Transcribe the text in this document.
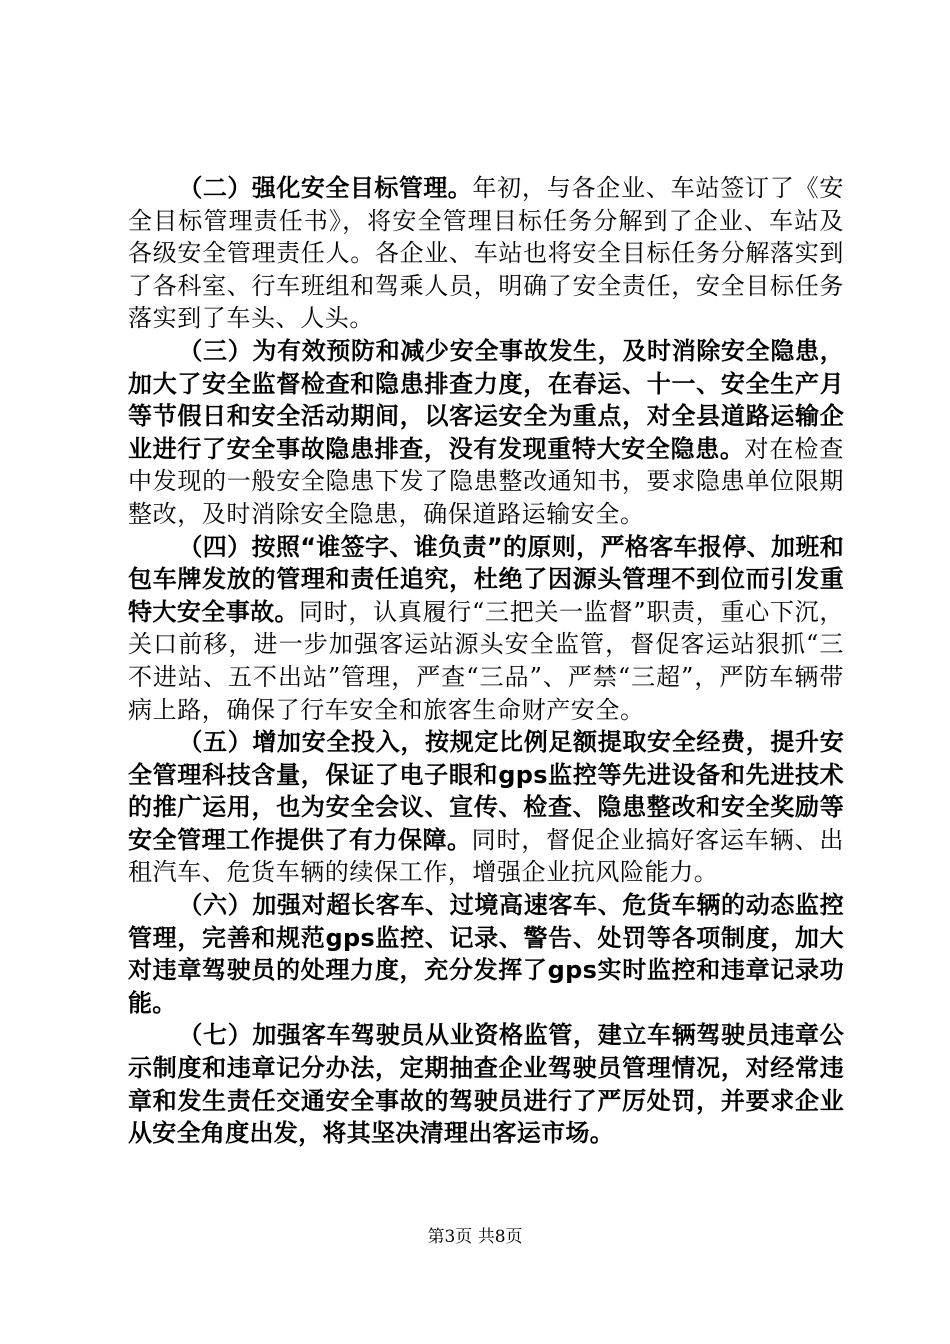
（二）强化安全目标管理。年初，与各企业、车站签订了《安全目标管理责任书》，将安全管理目标任务分解到了企业、车站及各级安全管理责任人。各企业、车站也将安全目标任务分解落实到了各科室、行车班组和驾乘人员，明确了安全责任，安全目标任务落实到了车头、人头。

（三）为有效预防和减少安全事故发生，及时消除安全隐患，加大了安全监督检查和隐患排查力度，在春运、十一、安全生产月等节假日和安全活动期间，以客运安全为重点，对全县道路运输企业进行了安全事故隐患排查，没有发现重特大安全隐患。对在检查中发现的一般安全隐患下发了隐患整改通知书，要求隐患单位限期整改，及时消除安全隐患，确保道路运输安全。

（四）按照“谁签字、谁负责”的原则，严格客车报停、加班和包车牌发放的管理和责任追究，杜绝了因源头管理不到位而引发重特大安全事故。同时，认真履行“三把关一监督”职责，重心下沉，关口前移，进一步加强客运站源头安全监管，督促客运站狠抓“三不进站、五不出站”管理，严查“三品”、严禁“三超”，严防车辆带病上路，确保了行车安全和旅客生命财产安全。

（五）增加安全投入，按规定比例足额提取安全经费，提升安全管理科技含量，保证了电子眼和gps监控等先进设备和先进技术的推广运用，也为安全会议、宣传、检查、隐患整改和安全奖励等安全管理工作提供了有力保障。同时，督促企业搞好客运车辆、出租汽车、危货车辆的续保工作，增强企业抗风险能力。

（六）加强对超长客车、过境高速客车、危货车辆的动态监控管理，完善和规范gps监控、记录、警告、处罚等各项制度，加大对违章驾驶员的处理力度，充分发挥了gps实时监控和违章记录功能。

（七）加强客车驾驶员从业资格监管，建立车辆驾驶员违章公示制度和违章记分办法，定期抽查企业驾驶员管理情况，对经常违章和发生责任交通安全事故的驾驶员进行了严厉处罚，并要求企业从安全角度出发，将其坚决清理出客运市场。

第3页 共8页
